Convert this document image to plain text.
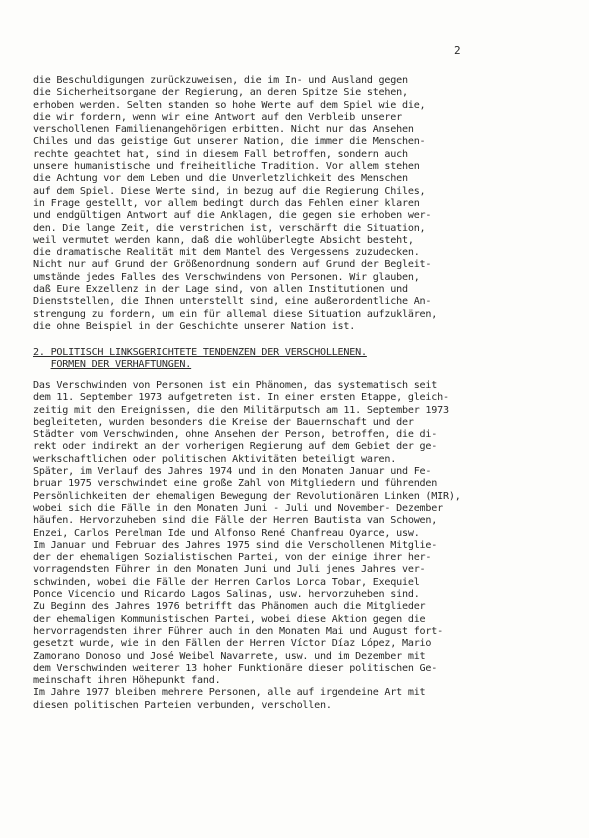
2
die Beschuldigungen zurückzuweisen, die im In- und Ausland gegen
die Sicherheitsorgane der Regierung, an deren Spitze Sie stehen,
erhoben werden. Selten standen so hohe Werte auf dem Spiel wie die,
die wir fordern, wenn wir eine Antwort auf den Verbleib unserer
verschollenen Familienangehörigen erbitten. Nicht nur das Ansehen
Chiles und das geistige Gut unserer Nation, die immer die Menschen-
rechte geachtet hat, sind in diesem Fall betroffen, sondern auch
unsere humanistische und freiheitliche Tradition. Vor allem stehen
die Achtung vor dem Leben und die Unverletzlichkeit des Menschen
auf dem Spiel. Diese Werte sind, in bezug auf die Regierung Chiles,
in Frage gestellt, vor allem bedingt durch das Fehlen einer klaren
und endgültigen Antwort auf die Anklagen, die gegen sie erhoben wer-
den. Die lange Zeit, die verstrichen ist, verschärft die Situation,
weil vermutet werden kann, daß die wohlüberlegte Absicht besteht,
die dramatische Realität mit dem Mantel des Vergessens zuzudecken.
Nicht nur auf Grund der Größenordnung sondern auf Grund der Begleit-
umstände jedes Falles des Verschwindens von Personen. Wir glauben,
daß Eure Exzellenz in der Lage sind, von allen Institutionen und
Dienststellen, die Ihnen unterstellt sind, eine außerordentliche An-
strengung zu fordern, um ein für allemal diese Situation aufzuklären,
die ohne Beispiel in der Geschichte unserer Nation ist.
2. POLITISCH LINKSGERICHTETE TENDENZEN DER VERSCHOLLENEN.
FORMEN DER VERHAFTUNGEN.
Das Verschwinden von Personen ist ein Phänomen, das systematisch seit
dem 11. September 1973 aufgetreten ist. In einer ersten Etappe, gleich-
zeitig mit den Ereignissen, die den Militärputsch am 11. September 1973
begleiteten, wurden besonders die Kreise der Bauernschaft und der
Städter vom Verschwinden, ohne Ansehen der Person, betroffen, die di-
rekt oder indirekt an der vorherigen Regierung auf dem Gebiet der ge-
werkschaftlichen oder politischen Aktivitäten beteiligt waren.
Später, im Verlauf des Jahres 1974 und in den Monaten Januar und Fe-
bruar 1975 verschwindet eine große Zahl von Mitgliedern und führenden
Persönlichkeiten der ehemaligen Bewegung der Revolutionären Linken (MIR),
wobei sich die Fälle in den Monaten Juni - Juli und November- Dezember
häufen. Hervorzuheben sind die Fälle der Herren Bautista van Schowen,
Enzei, Carlos Perelman Ide und Alfonso René Chanfreau Oyarce, usw.
Im Januar und Februar des Jahres 1975 sind die Verschollenen Mitglie-
der der ehemaligen Sozialistischen Partei, von der einige ihrer her-
vorragendsten Führer in den Monaten Juni und Juli jenes Jahres ver-
schwinden, wobei die Fälle der Herren Carlos Lorca Tobar, Exequiel
Ponce Vicencio und Ricardo Lagos Salinas, usw. hervorzuheben sind.
Zu Beginn des Jahres 1976 betrifft das Phänomen auch die Mitglieder
der ehemaligen Kommunistischen Partei, wobei diese Aktion gegen die
hervorragendsten ihrer Führer auch in den Monaten Mai und August fort-
gesetzt wurde, wie in den Fällen der Herren Víctor Díaz López, Mario
Zamorano Donoso und José Weibel Navarrete, usw. und im Dezember mit
dem Verschwinden weiterer 13 hoher Funktionäre dieser politischen Ge-
meinschaft ihren Höhepunkt fand.
Im Jahre 1977 bleiben mehrere Personen, alle auf irgendeine Art mit
diesen politischen Parteien verbunden, verschollen.
